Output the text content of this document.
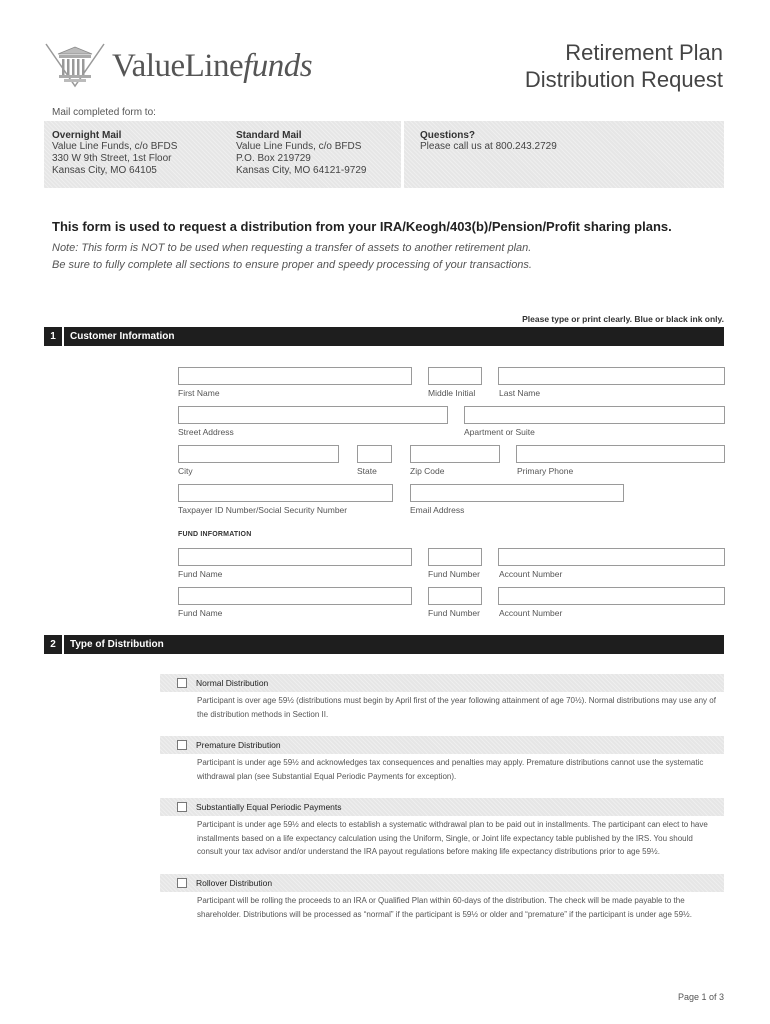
ValueLinefunds	Retirement Plan
Distribution Request
Mail completed form to:
Overnight Mail

Value Line Funds, c/o BFDS

330 W 9th Street, 1st Floor

Kansas City, MO 64105

Standard Mail

Value Line Funds, c/o BFDS

P.O. Box 219729

Kansas City, MO 64121-9729

Questions?

Please call us at 800.243.2729

This form is used to request a distribution from your IRA/Keogh/403(b)/Pension/Profit sharing plans.
Note: This form is NOT to be used when requesting a transfer of assets to another retirement plan.
Be sure to fully complete all sections to ensure proper and speedy processing of your transactions.
Please type or print clearly. Blue or black ink only.
1	Customer Information
First Name	Middle Initial	Last Name
Street Address	Apartment or Suite
City	State	Zip Code	Primary Phone
Taxpayer ID Number/Social Security Number	Email Address
FUND INFORMATION
Fund Name	Fund Number Account Number
Fund Name	Fund Number Account Number
2	Type of Distribution
Normal Distribution
Participant is over age 59½ (distributions must begin by April first of the year following attainment of age 70½). Normal distributions may use any of the distribution methods in Section II.
Premature Distribution
Participant is under age 59½ and acknowledges tax consequences and penalties may apply. Premature distributions cannot use the systematic withdrawal plan (see Substantial Equal Periodic Payments for exception).
Substantially Equal Periodic Payments
Participant is under age 59½ and elects to establish a systematic withdrawal plan to be paid out in installments. The participant can elect to have installments based on a life expectancy calculation using the Uniform, Single, or Joint life expectancy table published by the IRS. You should consult your tax advisor and/or understand the IRA payout regulations before making life expectancy distributions prior to age 59½.
Rollover Distribution
Participant will be rolling the proceeds to an IRA or Qualified Plan within 60-days of the distribution. The check will be made payable to the shareholder. Distributions will be processed as “normal” if the participant is 59½ or older and “premature” if the participant is under age 59½.
Page 1 of 3
